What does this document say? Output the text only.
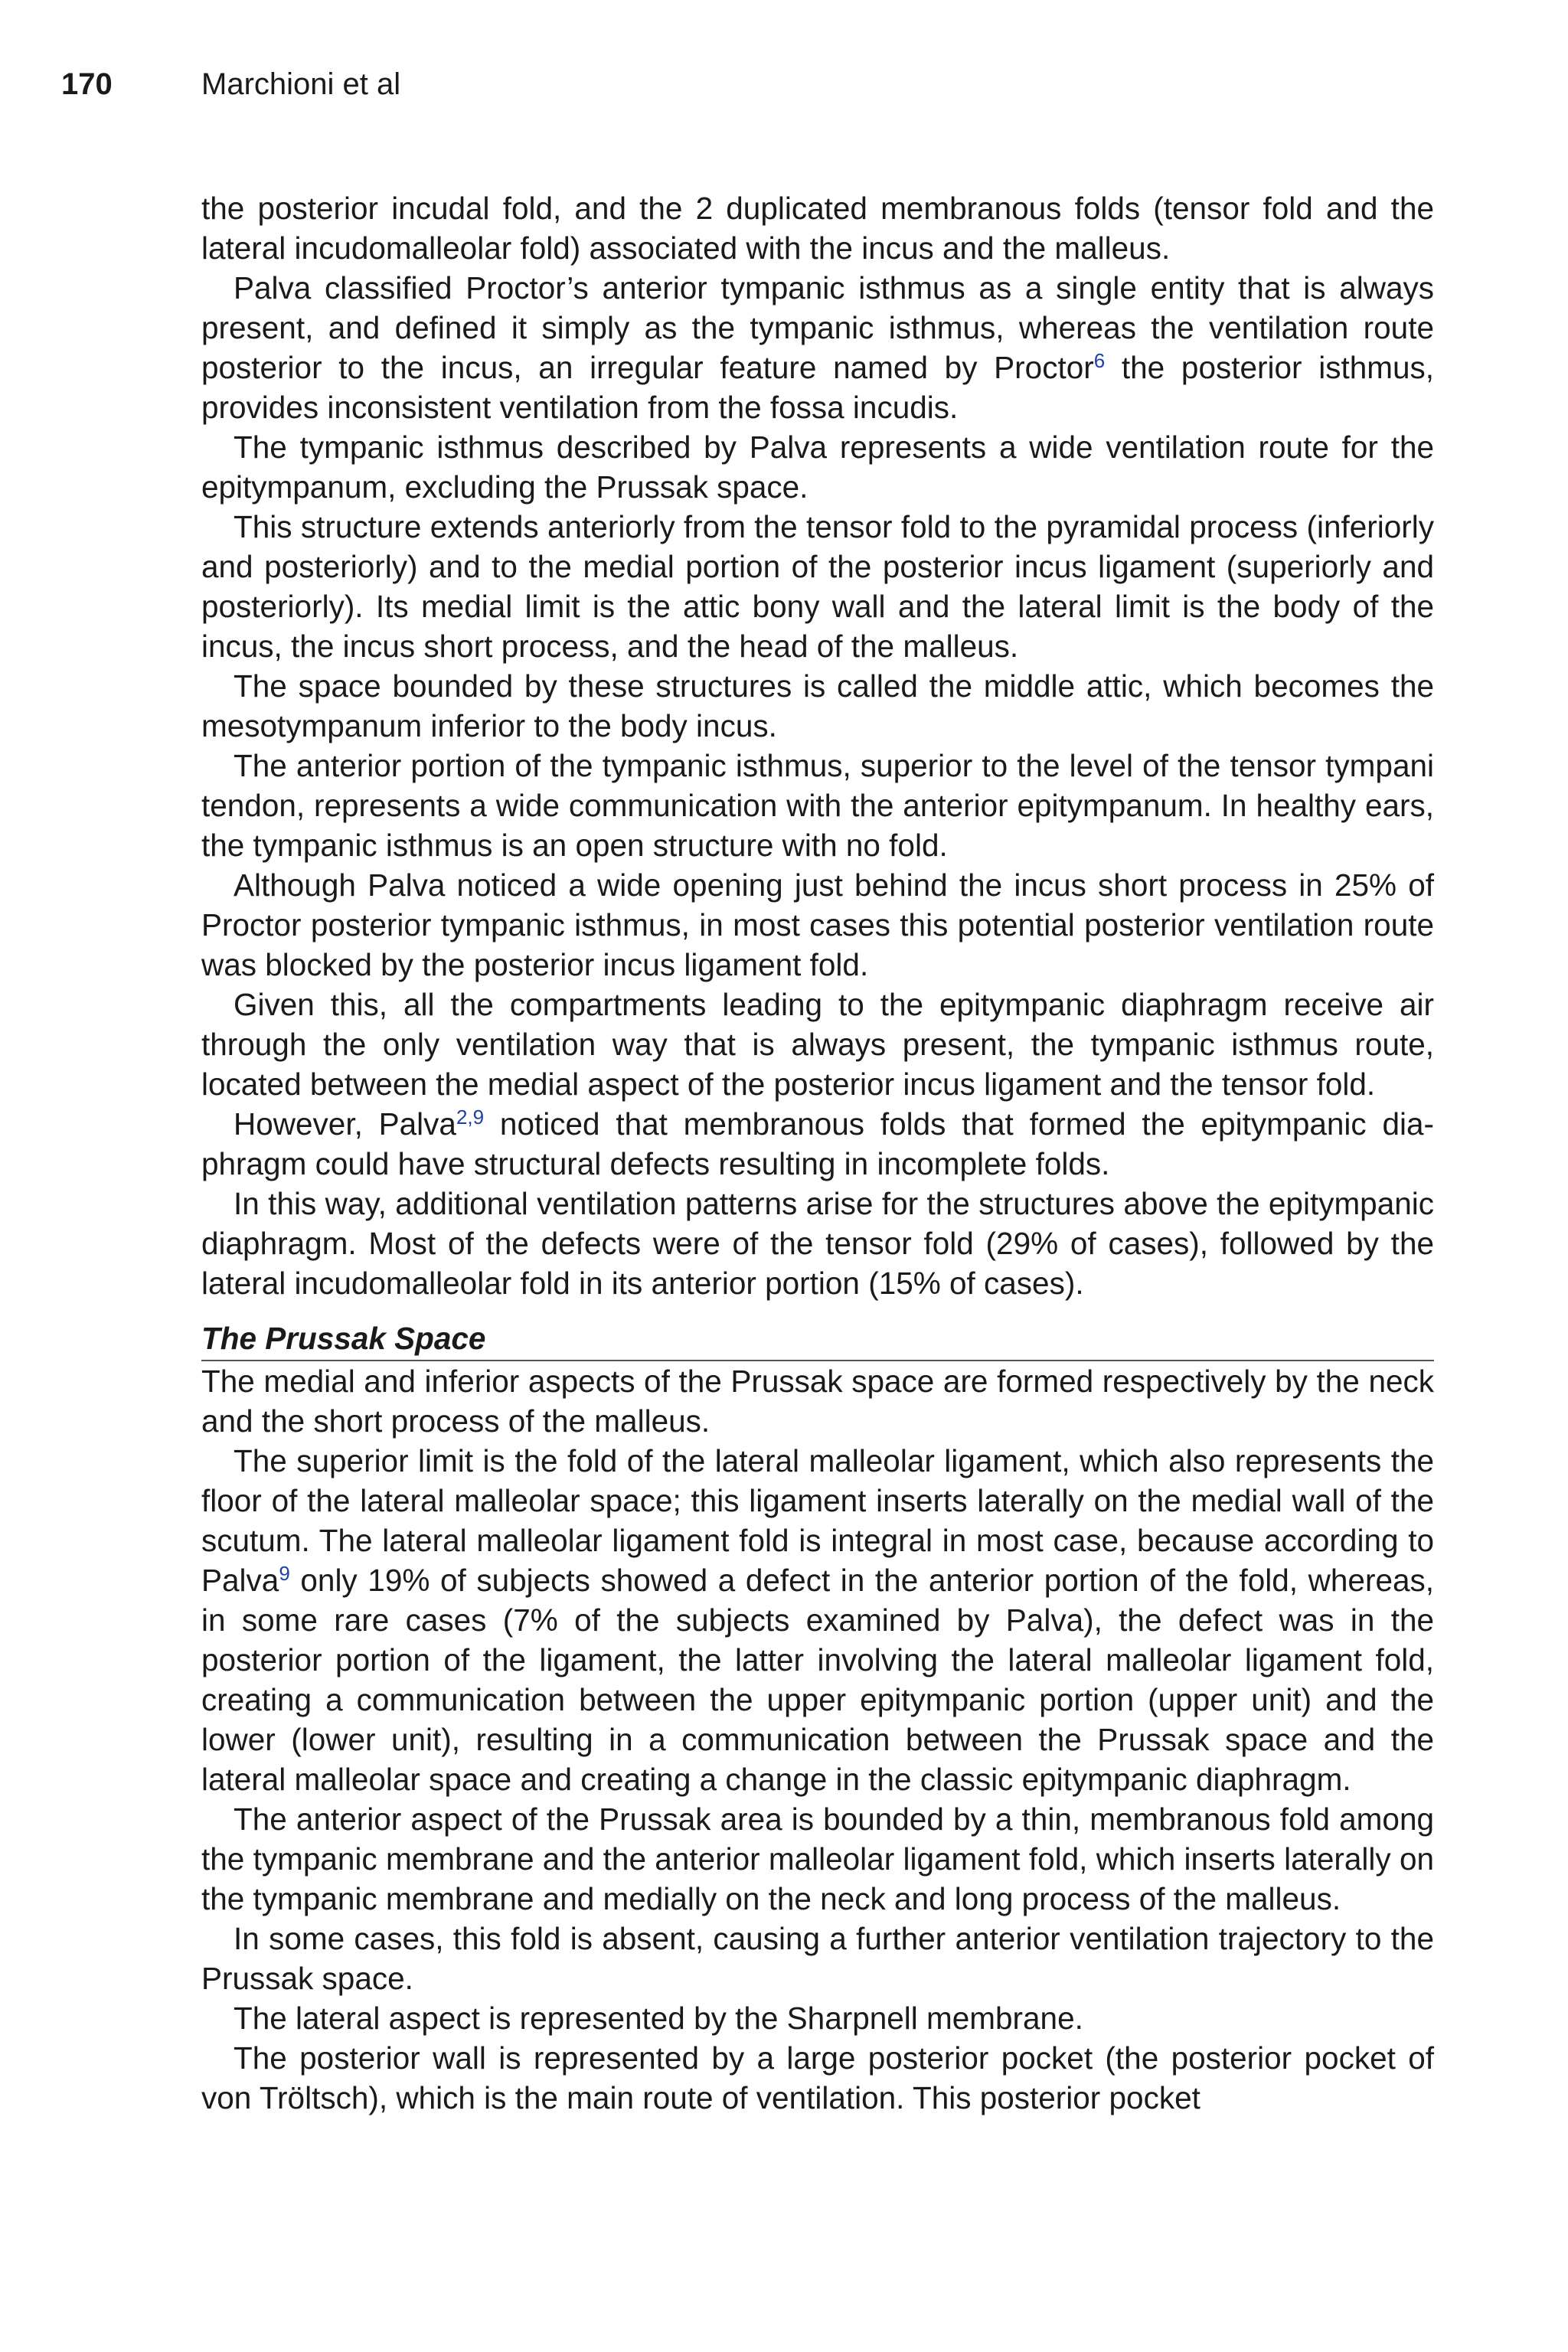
170	Marchioni et al

the posterior incudal fold, and the 2 duplicated membranous folds (tensor fold and the lateral incudomalleolar fold) associated with the incus and the malleus.

Palva classified Proctor’s anterior tympanic isthmus as a single entity that is always present, and defined it simply as the tympanic isthmus, whereas the ventilation route posterior to the incus, an irregular feature named by Proctor$^6$ the posterior isthmus, provides inconsistent ventilation from the fossa incudis.

The tympanic isthmus described by Palva represents a wide ventilation route for the epitympanum, excluding the Prussak space.

This structure extends anteriorly from the tensor fold to the pyramidal process (inferiorly and posteriorly) and to the medial portion of the posterior incus ligament (superiorly and posteriorly). Its medial limit is the attic bony wall and the lateral limit is the body of the incus, the incus short process, and the head of the malleus.

The space bounded by these structures is called the middle attic, which becomes the mesotympanum inferior to the body incus.

The anterior portion of the tympanic isthmus, superior to the level of the tensor tympani tendon, represents a wide communication with the anterior epitympanum. In healthy ears, the tympanic isthmus is an open structure with no fold.

Although Palva noticed a wide opening just behind the incus short process in 25% of Proctor posterior tympanic isthmus, in most cases this potential posterior ventilation route was blocked by the posterior incus ligament fold.

Given this, all the compartments leading to the epitympanic diaphragm receive air through the only ventilation way that is always present, the tympanic isthmus route, located between the medial aspect of the posterior incus ligament and the tensor fold.

However, Palva$^{2,9}$ noticed that membranous folds that formed the epitympanic diaphragm could have structural defects resulting in incomplete folds.

In this way, additional ventilation patterns arise for the structures above the epitympanic diaphragm. Most of the defects were of the tensor fold (29% of cases), followed by the lateral incudomalleolar fold in its anterior portion (15% of cases).

The Prussak Space

The medial and inferior aspects of the Prussak space are formed respectively by the neck and the short process of the malleus.

The superior limit is the fold of the lateral malleolar ligament, which also represents the floor of the lateral malleolar space; this ligament inserts laterally on the medial wall of the scutum. The lateral malleolar ligament fold is integral in most case, because according to Palva$^9$ only 19% of subjects showed a defect in the anterior portion of the fold, whereas, in some rare cases (7% of the subjects examined by Palva), the defect was in the posterior portion of the ligament, the latter involving the lateral malleolar ligament fold, creating a communication between the upper epitympanic portion (upper unit) and the lower (lower unit), resulting in a communication between the Prussak space and the lateral malleolar space and creating a change in the classic epitympanic diaphragm.

The anterior aspect of the Prussak area is bounded by a thin, membranous fold among the tympanic membrane and the anterior malleolar ligament fold, which inserts laterally on the tympanic membrane and medially on the neck and long process of the malleus.

In some cases, this fold is absent, causing a further anterior ventilation trajectory to the Prussak space.

The lateral aspect is represented by the Sharpnell membrane.

The posterior wall is represented by a large posterior pocket (the posterior pocket of von Tröltsch), which is the main route of ventilation. This posterior pocket
